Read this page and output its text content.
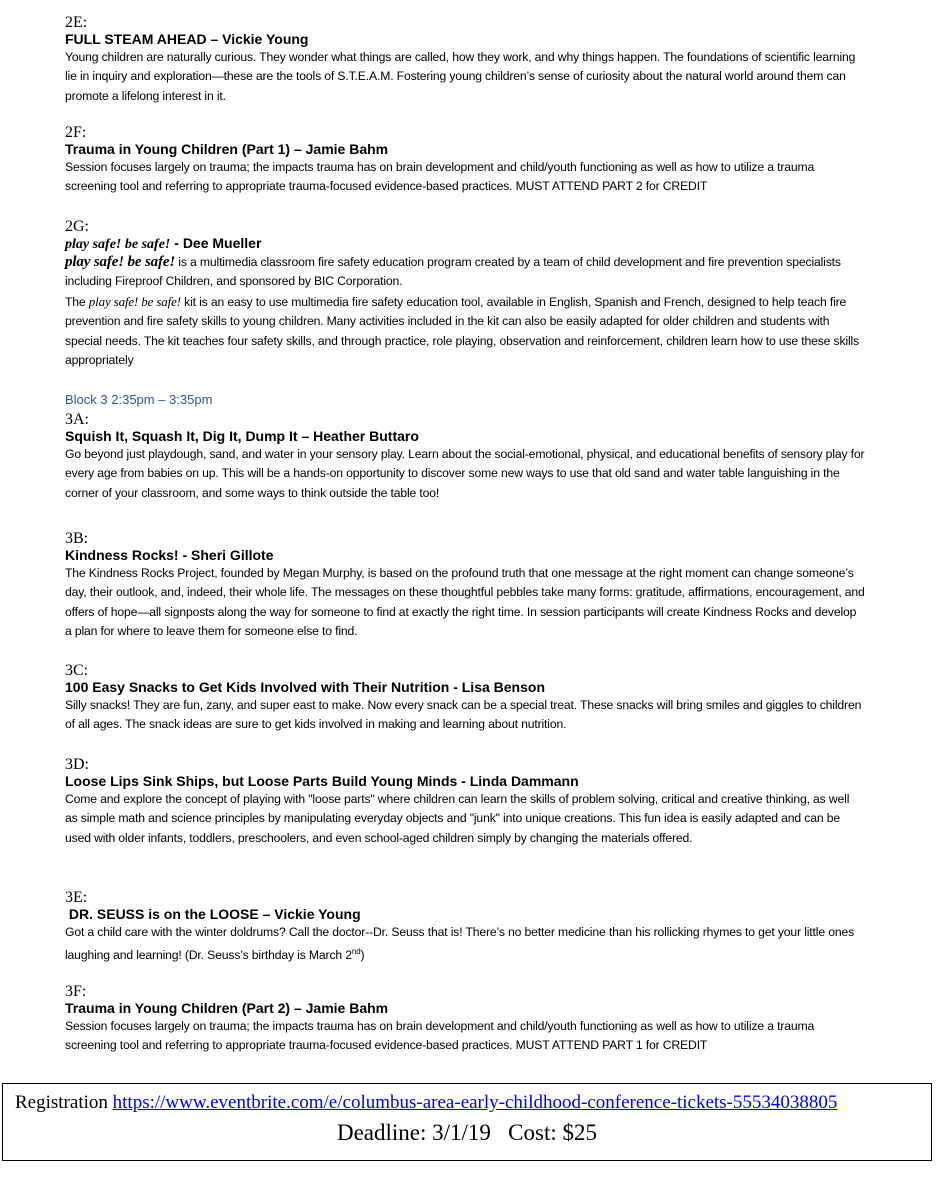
2E:

FULL STEAM AHEAD – Vickie Young

Young children are naturally curious. They wonder what things are called, how they work, and why things happen. The foundations of scientific learning lie in inquiry and exploration—these are the tools of S.T.E.A.M. Fostering young children’s sense of curiosity about the natural world around them can promote a lifelong interest in it.

2F:

Trauma in Young Children (Part 1) – Jamie Bahm

Session focuses largely on trauma; the impacts trauma has on brain development and child/youth functioning as well as how to utilize a trauma screening tool and referring to appropriate trauma-focused evidence-based practices. MUST ATTEND PART 2 for CREDIT

2G:

play safe! be safe! - Dee Mueller

play safe! be safe! is a multimedia classroom fire safety education program created by a team of child development and fire prevention specialists including Fireproof Children, and sponsored by BIC Corporation.

The play safe! be safe! kit is an easy to use multimedia fire safety education tool, available in English, Spanish and French, designed to help teach fire prevention and fire safety skills to young children. Many activities included in the kit can also be easily adapted for older children and students with special needs. The kit teaches four safety skills, and through practice, role playing, observation and reinforcement, children learn how to use these skills appropriately

Block 3 2:35pm – 3:35pm

3A:

Squish It, Squash It, Dig It, Dump It – Heather Buttaro

Go beyond just playdough, sand, and water in your sensory play. Learn about the social-emotional, physical, and educational benefits of sensory play for every age from babies on up. This will be a hands-on opportunity to discover some new ways to use that old sand and water table languishing in the corner of your classroom, and some ways to think outside the table too!

3B:

Kindness Rocks! - Sheri Gillote

The Kindness Rocks Project, founded by Megan Murphy, is based on the profound truth that one message at the right moment can change someone’s day, their outlook, and, indeed, their whole life. The messages on these thoughtful pebbles take many forms: gratitude, affirmations, encouragement, and offers of hope—all signposts along the way for someone to find at exactly the right time. In session participants will create Kindness Rocks and develop a plan for where to leave them for someone else to find.

3C:

100 Easy Snacks to Get Kids Involved with Their Nutrition - Lisa Benson

Silly snacks! They are fun, zany, and super east to make. Now every snack can be a special treat. These snacks will bring smiles and giggles to children of all ages. The snack ideas are sure to get kids involved in making and learning about nutrition.

3D:

Loose Lips Sink Ships, but Loose Parts Build Young Minds - Linda Dammann

Come and explore the concept of playing with "loose parts" where children can learn the skills of problem solving, critical and creative thinking, as well as simple math and science principles by manipulating everyday objects and "junk" into unique creations. This fun idea is easily adapted and can be used with older infants, toddlers, preschoolers, and even school-aged children simply by changing the materials offered.

3E:

DR. SEUSS is on the LOOSE – Vickie Young

Got a child care with the winter doldrums? Call the doctor--Dr. Seuss that is! There’s no better medicine than his rollicking rhymes to get your little ones laughing and learning! (Dr. Seuss’s birthday is March 2nd)

3F:

Trauma in Young Children (Part 2) – Jamie Bahm

Session focuses largely on trauma; the impacts trauma has on brain development and child/youth functioning as well as how to utilize a trauma screening tool and referring to appropriate trauma-focused evidence-based practices. MUST ATTEND PART 1 for CREDIT

Registration https://www.eventbrite.com/e/columbus-area-early-childhood-conference-tickets-55534038805
Deadline: 3/1/19   Cost: $25
